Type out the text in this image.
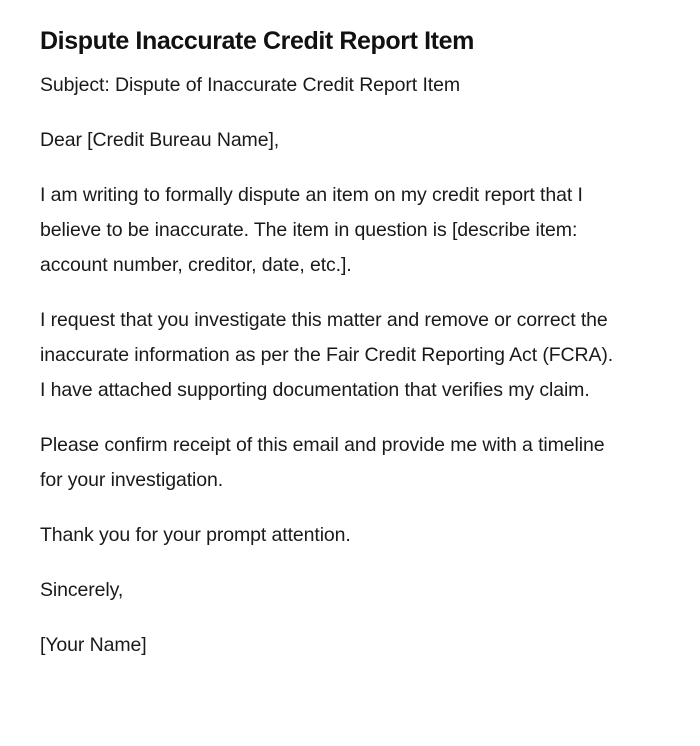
Dispute Inaccurate Credit Report Item

Subject: Dispute of Inaccurate Credit Report Item

Dear [Credit Bureau Name],

I am writing to formally dispute an item on my credit report that I believe to be inaccurate. The item in question is [describe item: account number, creditor, date, etc.].

I request that you investigate this matter and remove or correct the inaccurate information as per the Fair Credit Reporting Act (FCRA). I have attached supporting documentation that verifies my claim.

Please confirm receipt of this email and provide me with a timeline for your investigation.

Thank you for your prompt attention.

Sincerely,

[Your Name]
